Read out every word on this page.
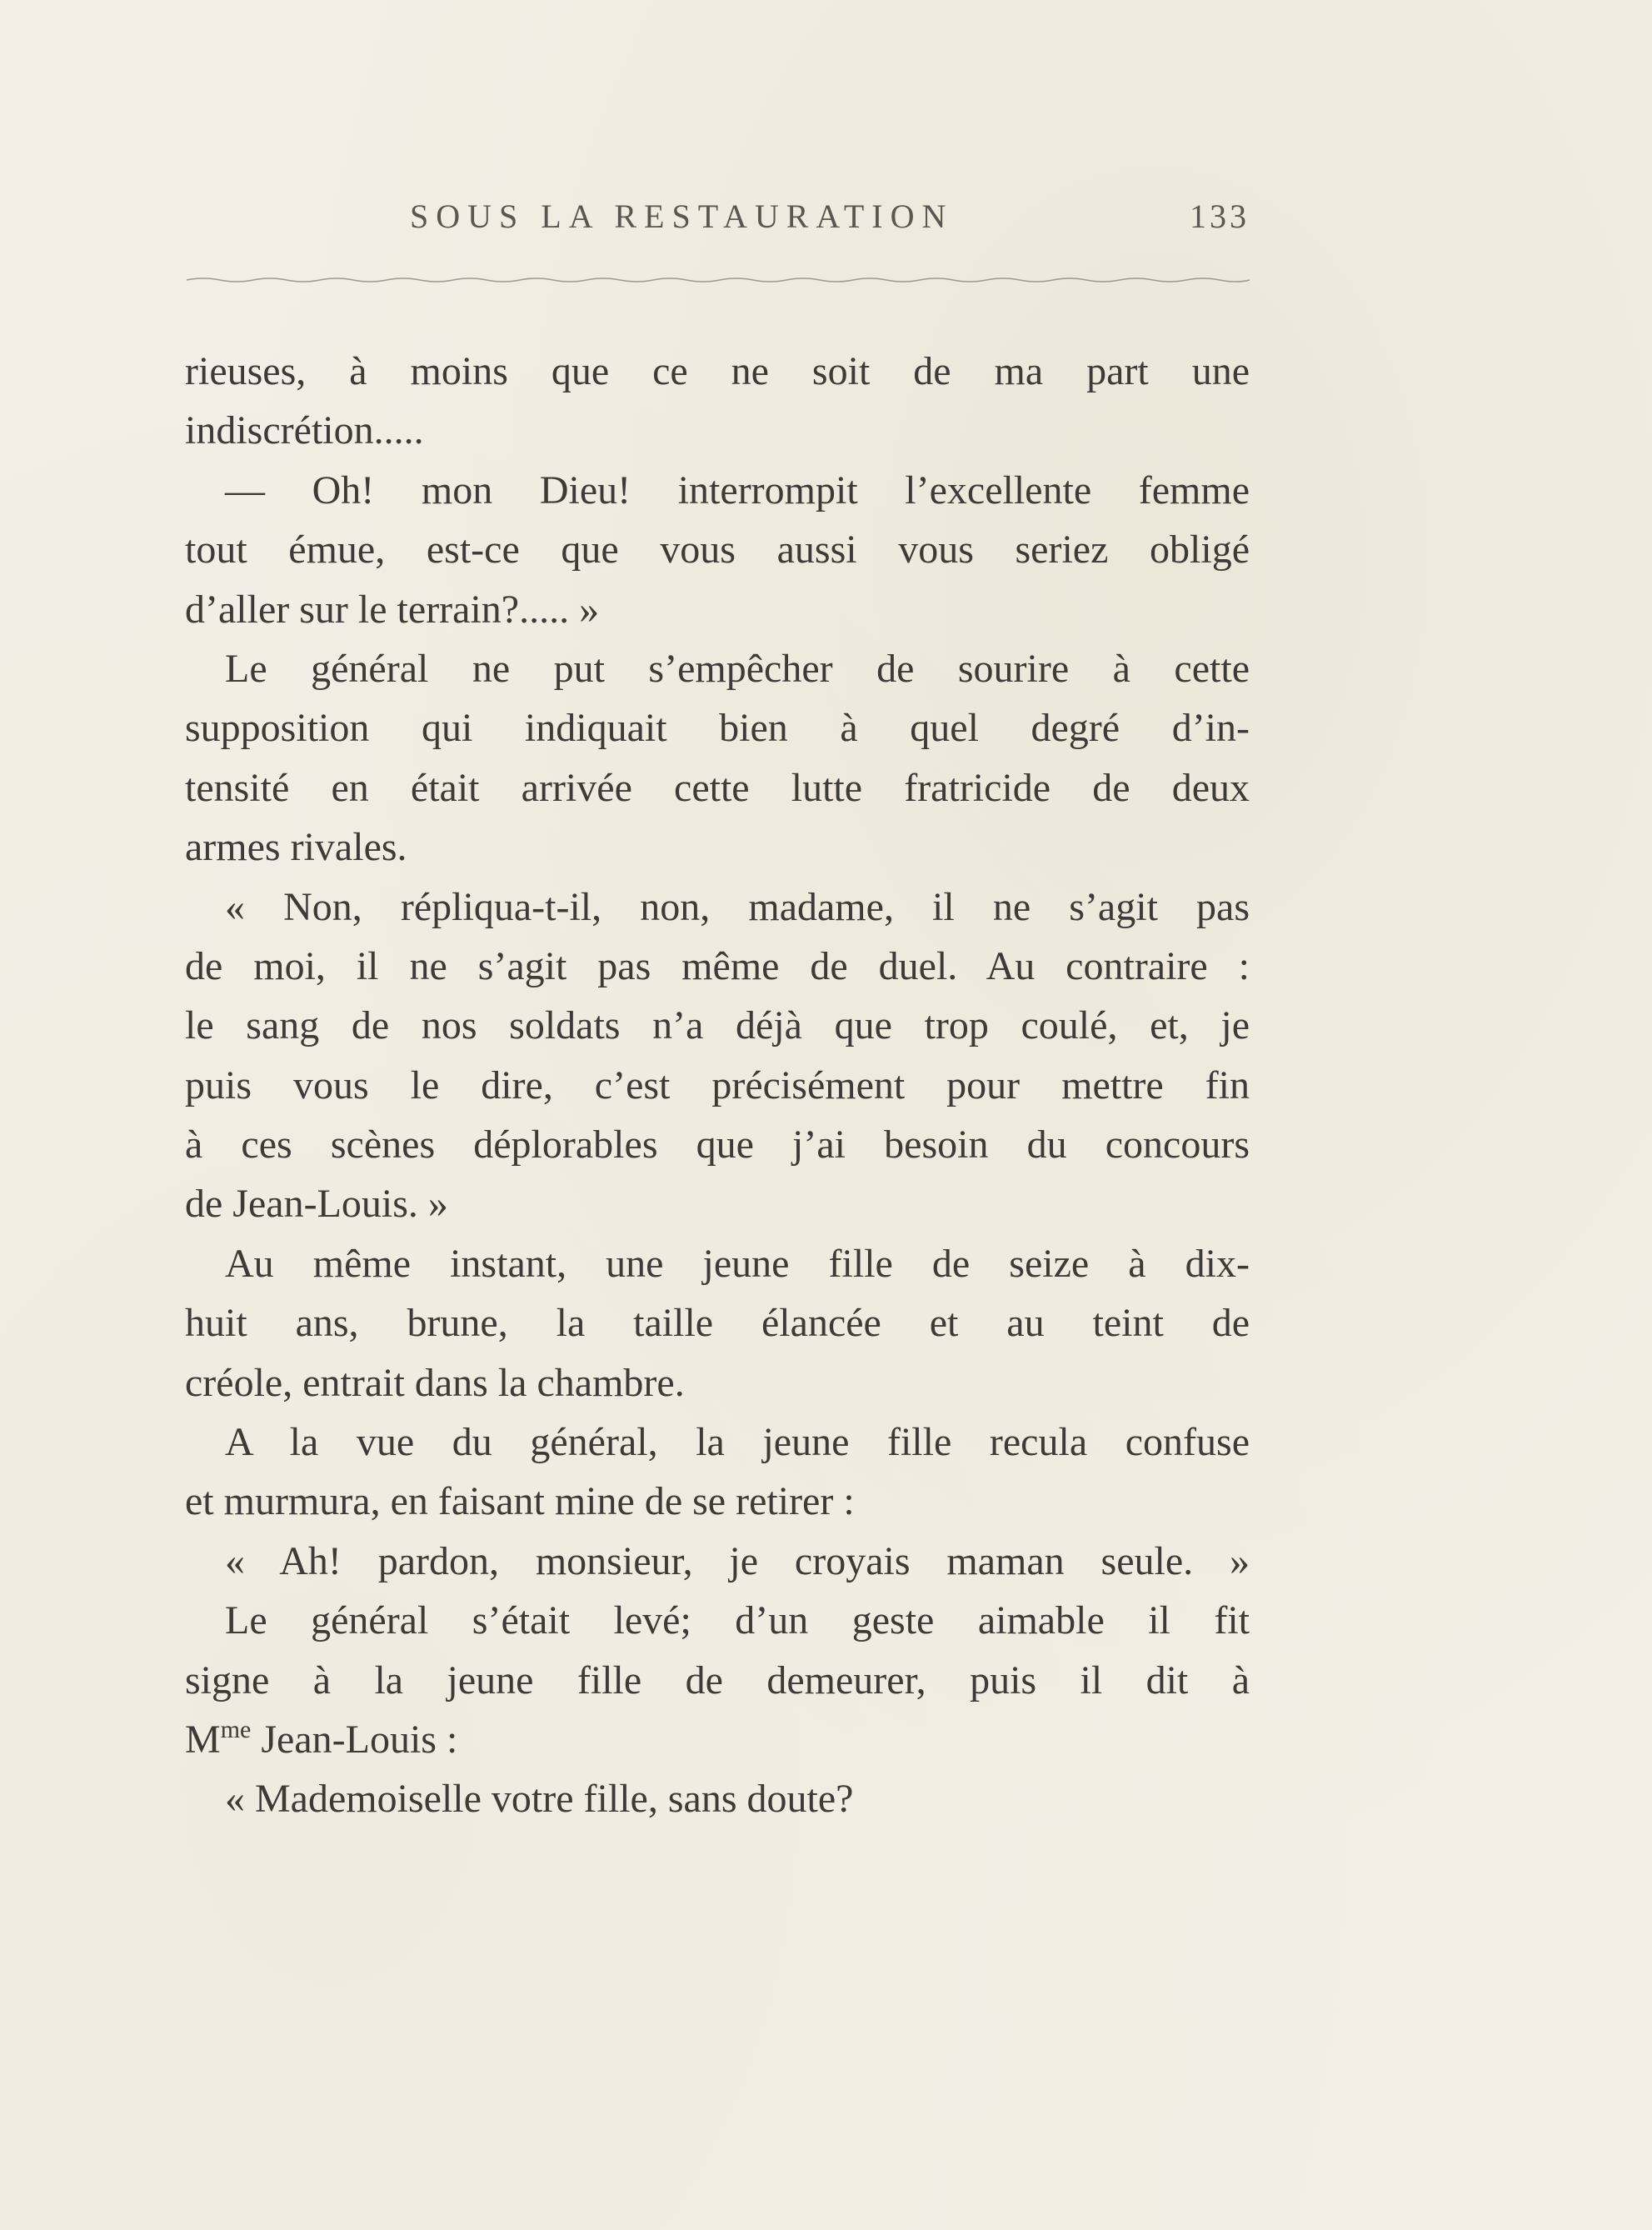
SOUS LA RESTAURATION	133
rieuses, à moins que ce ne soit de ma part une
indiscrétion.....
— Oh! mon Dieu! interrompit l’excellente femme
tout émue, est-ce que vous aussi vous seriez obligé
d’aller sur le terrain?..... »
Le général ne put s’empêcher de sourire à cette
supposition qui indiquait bien à quel degré d’in-
tensité en était arrivée cette lutte fratricide de deux
armes rivales.
« Non, répliqua-t-il, non, madame, il ne s’agit pas
de moi, il ne s’agit pas même de duel. Au contraire :
le sang de nos soldats n’a déjà que trop coulé, et, je
puis vous le dire, c’est précisément pour mettre fin
à ces scènes déplorables que j’ai besoin du concours
de Jean-Louis. »
Au même instant, une jeune fille de seize à dix-
huit ans, brune, la taille élancée et au teint de
créole, entrait dans la chambre.
A la vue du général, la jeune fille recula confuse
et murmura, en faisant mine de se retirer :
« Ah! pardon, monsieur, je croyais maman seule. »
Le général s’était levé; d’un geste aimable il fit
signe à la jeune fille de demeurer, puis il dit à
$M^{me}$ Jean-Louis :
« Mademoiselle votre fille, sans doute?
